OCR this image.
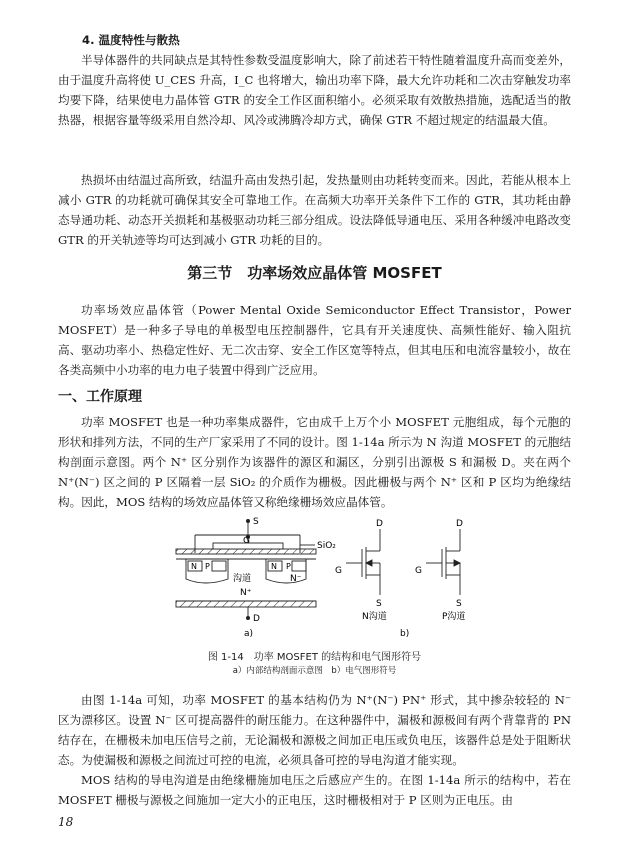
4. 温度特性与散热
半导体器件的共同缺点是其特性参数受温度影响大，除了前述若干特性随着温度升高而变差外，由于温度升高将使 U_CES 升高，I_C 也将增大，输出功率下降，最大允许功耗和二次击穿触发功率均要下降，结果使电力晶体管 GTR 的安全工作区面积缩小。必须采取有效散热措施，选配适当的散热器，根据容量等级采用自然冷却、风冷或沸腾冷却方式，确保 GTR 不超过规定的结温最大值。
热损坏由结温过高所致，结温升高由发热引起，发热量则由功耗转变而来。因此，若能从根本上减小 GTR 的功耗就可确保其安全可靠地工作。在高频大功率开关条件下工作的 GTR，其功耗由静态导通功耗、动态开关损耗和基极驱动功耗三部分组成。设法降低导通电压、采用各种缓冲电路改变 GTR 的开关轨迹等均可达到减小 GTR 功耗的目的。
第三节　功率场效应晶体管 MOSFET
功率场效应晶体管（Power Mental Oxide Semiconductor Effect Transistor，Power MOSFET）是一种多子导电的单极型电压控制器件，它具有开关速度快、高频性能好、输入阻抗高、驱动功率小、热稳定性好、无二次击穿、安全工作区宽等特点，但其电压和电流容量较小，故在各类高频中小功率的电力电子装置中得到广泛应用。
一、工作原理
功率 MOSFET 也是一种功率集成器件，它由成千上万个小 MOSFET 元胞组成，每个元胞的形状和排列方法，不同的生产厂家采用了不同的设计。图 1-14a 所示为 N 沟道 MOSFET 的元胞结构剖面示意图。两个 N⁺ 区分别作为该器件的源区和漏区，分别引出源极 S 和漏极 D。夹在两个 N⁺(N⁻) 区之间的 P 区隔着一层 SiO₂ 的介质作为栅极。因此栅极与两个 N⁺ 区和 P 区均为绝缘结构。因此，MOS 结构的场效应晶体管又称绝缘栅场效应晶体管。
S
G	SiO₂
N P	N P
沟道	N⁻
N⁺
D
a)
D
G
S
N沟道
D
G
S
P沟道
b)
图 1-14　功率 MOSFET 的结构和电气图形符号
a）内部结构剖面示意图　b）电气图形符号
由图 1-14a 可知，功率 MOSFET 的基本结构仍为 N⁺(N⁻) PN⁺ 形式，其中掺杂较轻的 N⁻ 区为漂移区。设置 N⁻ 区可提高器件的耐压能力。在这种器件中，漏极和源极间有两个背靠背的 PN 结存在，在栅极未加电压信号之前，无论漏极和源极之间加正电压或负电压，该器件总是处于阻断状态。为使漏极和源极之间流过可控的电流，必须具备可控的导电沟道才能实现。
MOS 结构的导电沟道是由绝缘栅施加电压之后感应产生的。在图 1-14a 所示的结构中，若在 MOSFET 栅极与源极之间施加一定大小的正电压，这时栅极相对于 P 区则为正电压。由
18
